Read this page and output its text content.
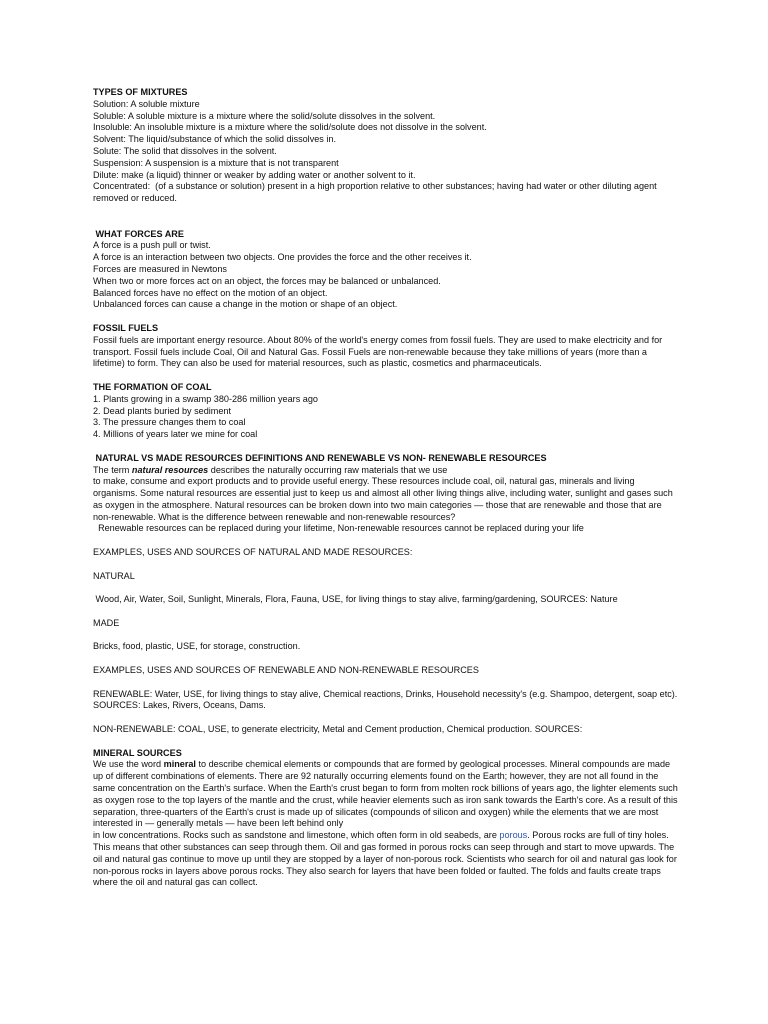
TYPES OF MIXTURES
Solution: A soluble mixture
Soluble: A soluble mixture is a mixture where the solid/solute dissolves in the solvent.
Insoluble: An insoluble mixture is a mixture where the solid/solute does not dissolve in the solvent.
Solvent: The liquid/substance of which the solid dissolves in.
Solute: The solid that dissolves in the solvent.
Suspension: A suspension is a mixture that is not transparent
Dilute: make (a liquid) thinner or weaker by adding water or another solvent to it.
Concentrated:  (of a substance or solution) present in a high proportion relative to other substances; having had water or other diluting agent removed or reduced.
WHAT FORCES ARE
A force is a push pull or twist.
A force is an interaction between two objects. One provides the force and the other receives it.
Forces are measured in Newtons
When two or more forces act on an object, the forces may be balanced or unbalanced.
Balanced forces have no effect on the motion of an object.
Unbalanced forces can cause a change in the motion or shape of an object.
FOSSIL FUELS
Fossil fuels are important energy resource. About 80% of the world's energy comes from fossil fuels. They are used to make electricity and for transport. Fossil fuels include Coal, Oil and Natural Gas. Fossil Fuels are non-renewable because they take millions of years (more than a lifetime) to form. They can also be used for material resources, such as plastic, cosmetics and pharmaceuticals.
THE FORMATION OF COAL
1. Plants growing in a swamp 380-286 million years ago
2. Dead plants buried by sediment
3. The pressure changes them to coal
4. Millions of years later we mine for coal
NATURAL VS MADE RESOURCES DEFINITIONS AND RENEWABLE VS NON- RENEWABLE RESOURCES
The term natural resources describes the naturally occurring raw materials that we use
to make, consume and export products and to provide useful energy. These resources include coal, oil, natural gas, minerals and living organisms. Some natural resources are essential just to keep us and almost all other living things alive, including water, sunlight and gases such as oxygen in the atmosphere. Natural resources can be broken down into two main categories — those that are renewable and those that are non-renewable. What is the difference between renewable and non-renewable resources?
Renewable resources can be replaced during your lifetime, Non-renewable resources cannot be replaced during your life
EXAMPLES, USES AND SOURCES OF NATURAL AND MADE RESOURCES:
NATURAL
Wood, Air, Water, Soil, Sunlight, Minerals, Flora, Fauna, USE, for living things to stay alive, farming/gardening, SOURCES: Nature
MADE
Bricks, food, plastic, USE, for storage, construction.
EXAMPLES, USES AND SOURCES OF RENEWABLE AND NON-RENEWABLE RESOURCES
RENEWABLE: Water, USE, for living things to stay alive, Chemical reactions, Drinks, Household necessity's (e.g. Shampoo, detergent, soap etc). SOURCES: Lakes, Rivers, Oceans, Dams.
NON-RENEWABLE: COAL, USE, to generate electricity, Metal and Cement production, Chemical production. SOURCES:
MINERAL SOURCES
We use the word mineral to describe chemical elements or compounds that are formed by geological processes. Mineral compounds are made up of different combinations of elements. There are 92 naturally occurring elements found on the Earth; however, they are not all found in the same concentration on the Earth's surface. When the Earth's crust began to form from molten rock billions of years ago, the lighter elements such as oxygen rose to the top layers of the mantle and the crust, while heavier elements such as iron sank towards the Earth's core. As a result of this separation, three-quarters of the Earth's crust is made up of silicates (compounds of silicon and oxygen) while the elements that we are most interested in — generally metals — have been left behind only
in low concentrations. Rocks such as sandstone and limestone, which often form in old seabeds, are porous. Porous rocks are full of tiny holes. This means that other substances can seep through them. Oil and gas formed in porous rocks can seep through and start to move upwards. The oil and natural gas continue to move up until they are stopped by a layer of non-porous rock. Scientists who search for oil and natural gas look for non-porous rocks in layers above porous rocks. They also search for layers that have been folded or faulted. The folds and faults create traps where the oil and natural gas can collect.
